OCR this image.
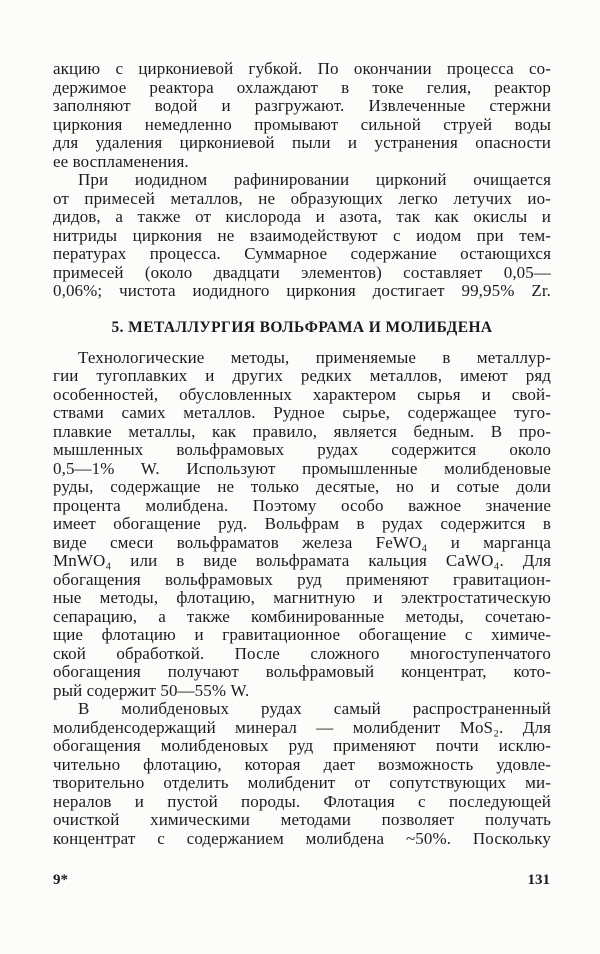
акцию с циркониевой губкой. По окончании процесса со-
держимое реактора охлаждают в токе гелия, реактор
заполняют водой и разгружают. Извлеченные стержни
циркония немедленно промывают сильной струей воды
для удаления циркониевой пыли и устранения опасности
ее воспламенения.
При иодидном рафинировании цирконий очищается
от примесей металлов, не образующих легко летучих ио-
дидов, а также от кислорода и азота, так как окислы и
нитриды циркония не взаимодействуют с иодом при тем-
пературах процесса. Суммарное содержание остающихся
примесей (около двадцати элементов) составляет 0,05—
0,06%; чистота иодидного циркония достигает 99,95% Zr.
5. МЕТАЛЛУРГИЯ ВОЛЬФРАМА И МОЛИБДЕНА
Технологические методы, применяемые в металлур-
гии тугоплавких и других редких металлов, имеют ряд
особенностей, обусловленных характером сырья и свой-
ствами самих металлов. Рудное сырье, содержащее туго-
плавкие металлы, как правило, является бедным. В про-
мышленных вольфрамовых рудах содержится около
0,5—1% W. Используют промышленные молибденовые
руды, содержащие не только десятые, но и сотые доли
процента молибдена. Поэтому особо важное значение
имеет обогащение руд. Вольфрам в рудах содержится в
виде смеси вольфраматов железа FeWO₄ и марганца
MnWO₄ или в виде вольфрамата кальция CaWO₄. Для
обогащения вольфрамовых руд применяют гравитацион-
ные методы, флотацию, магнитную и электростатическую
сепарацию, а также комбинированные методы, сочетаю-
щие флотацию и гравитационное обогащение с химиче-
ской обработкой. После сложного многоступенчатого
обогащения получают вольфрамовый концентрат, кото-
рый содержит 50—55% W.
В молибденовых рудах самый распространенный
молибденсодержащий минерал — молибденит MoS₂. Для
обогащения молибденовых руд применяют почти исклю-
чительно флотацию, которая дает возможность удовле-
творительно отделить молибденит от сопутствующих ми-
нералов и пустой породы. Флотация с последующей
очисткой химическими методами позволяет получать
концентрат с содержанием молибдена ~50%. Поскольку
9*	131
